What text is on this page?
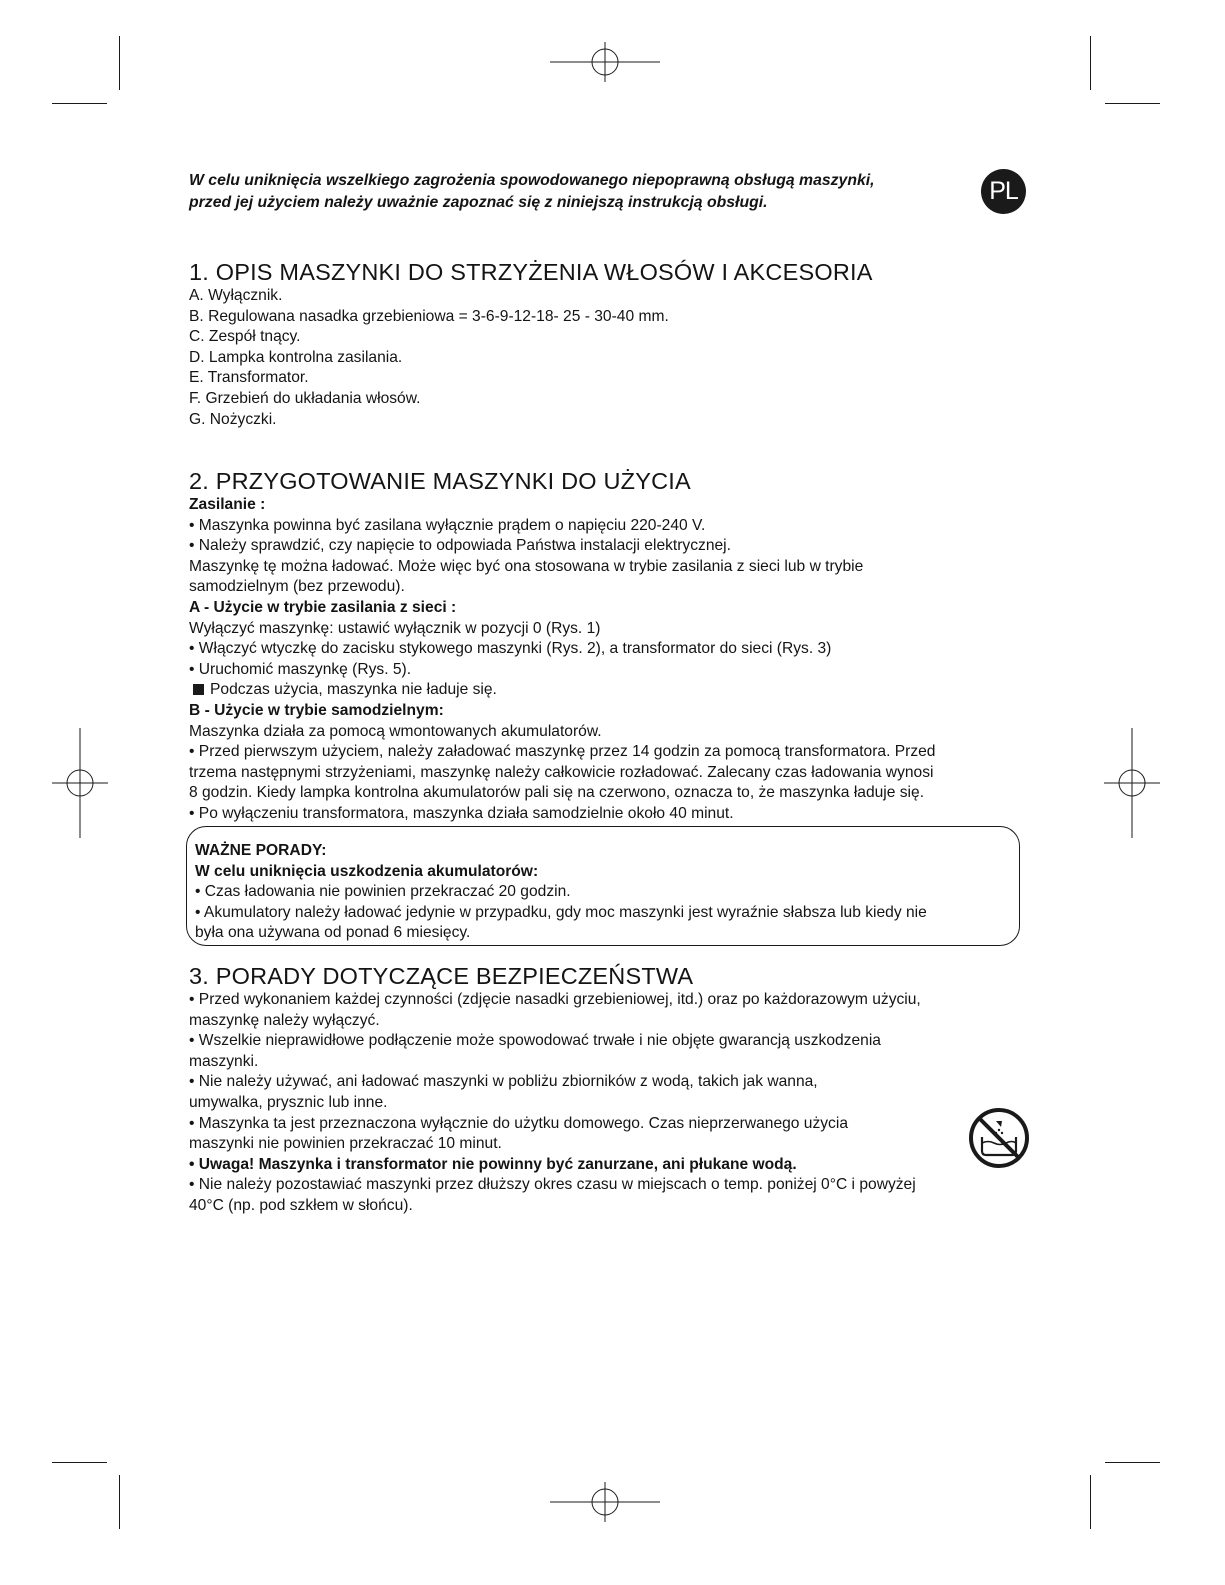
W celu uniknięcia wszelkiego zagrożenia spowodowanego niepoprawną obsługą maszynki,
przed jej użyciem należy uważnie zapoznać się z niniejszą instrukcją obsługi.	PL
1. OPIS MASZYNKI DO STRZYŻENIA WŁOSÓW I AKCESORIA
A. Wyłącznik.
B. Regulowana nasadka grzebieniowa = 3-6-9-12-18- 25 - 30-40 mm.
C. Zespół tnący.
D. Lampka kontrolna zasilania.
E. Transformator.
F. Grzebień do układania włosów.
G. Nożyczki.
2. PRZYGOTOWANIE MASZYNKI DO UŻYCIA
Zasilanie :
• Maszynka powinna być zasilana wyłącznie prądem o napięciu 220-240 V.
• Należy sprawdzić, czy napięcie to odpowiada Państwa instalacji elektrycznej.
Maszynkę tę można ładować. Może więc być ona stosowana w trybie zasilania z sieci lub w trybie
samodzielnym (bez przewodu).
A - Użycie w trybie zasilania z sieci :
Wyłączyć maszynkę: ustawić wyłącznik w pozycji 0 (Rys. 1)
• Włączyć wtyczkę do zacisku stykowego maszynki (Rys. 2), a transformator do sieci (Rys. 3)
• Uruchomić maszynkę (Rys. 5).
Podczas użycia, maszynka nie ładuje się.
B - Użycie w trybie samodzielnym:
Maszynka działa za pomocą wmontowanych akumulatorów.
• Przed pierwszym użyciem, należy załadować maszynkę przez 14 godzin za pomocą transformatora. Przed
trzema następnymi strzyżeniami, maszynkę należy całkowicie rozładować. Zalecany czas ładowania wynosi
8 godzin. Kiedy lampka kontrolna akumulatorów pali się na czerwono, oznacza to, że maszynka ładuje się.
• Po wyłączeniu transformatora, maszynka działa samodzielnie około 40 minut.
WAŻNE PORADY:
W celu uniknięcia uszkodzenia akumulatorów:
• Czas ładowania nie powinien przekraczać 20 godzin.
• Akumulatory należy ładować jedynie w przypadku, gdy moc maszynki jest wyraźnie słabsza lub kiedy nie
była ona używana od ponad 6 miesięcy.
3. PORADY DOTYCZĄCE BEZPIECZEŃSTWA
• Przed wykonaniem każdej czynności (zdjęcie nasadki grzebieniowej, itd.) oraz po każdorazowym użyciu,
maszynkę należy wyłączyć.
• Wszelkie nieprawidłowe podłączenie może spowodować trwałe i nie objęte gwarancją uszkodzenia
maszynki.
• Nie należy używać, ani ładować maszynki w pobliżu zbiorników z wodą, takich jak wanna,
umywalka, prysznic lub inne.
• Maszynka ta jest przeznaczona wyłącznie do użytku domowego. Czas nieprzerwanego użycia
maszynki nie powinien przekraczać 10 minut.
• Uwaga! Maszynka i transformator nie powinny być zanurzane, ani płukane wodą.
• Nie należy pozostawiać maszynki przez dłuższy okres czasu w miejscach o temp. poniżej 0°C i powyżej
40°C (np. pod szkłem w słońcu).
